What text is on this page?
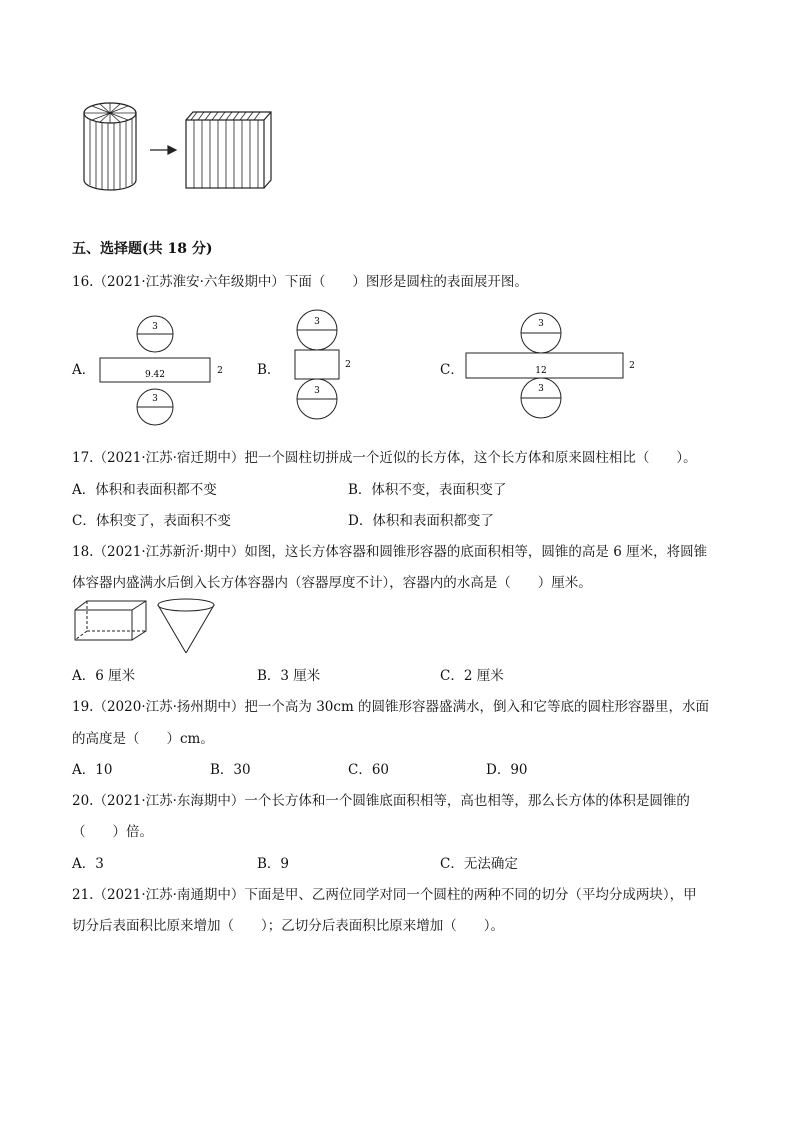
五、选择题(共 18 分)
16.（2021·江苏淮安·六年级期中）下面（　　）图形是圆柱的表面展开图。
A．
3
9.42	2
3
B．
3
2
3
C．
3
12	2
3
17.（2021·江苏·宿迁期中）把一个圆柱切拼成一个近似的长方体，这个长方体和原来圆柱相比（　　）。
A．体积和表面积都不变	B．体积不变，表面积变了
C．体积变了，表面积不变	D．体积和表面积都变了
18.（2021·江苏新沂·期中）如图，这长方体容器和圆锥形容器的底面积相等，圆锥的高是 6 厘米，将圆锥
体容器内盛满水后倒入长方体容器内（容器厚度不计），容器内的水高是（　　）厘米。
A．6 厘米	B．3 厘米	C．2 厘米
19.（2020·江苏·扬州期中）把一个高为 30cm 的圆锥形容器盛满水，倒入和它等底的圆柱形容器里，水面
的高度是（　　）cm。
A．10	B．30	C．60	D．90
20.（2021·江苏·东海期中）一个长方体和一个圆锥底面积相等，高也相等，那么长方体的体积是圆锥的
（　　）倍。
A．3	B．9	C．无法确定
21.（2021·江苏·南通期中）下面是甲、乙两位同学对同一个圆柱的两种不同的切分（平均分成两块），甲
切分后表面积比原来增加（　　）；乙切分后表面积比原来增加（　　）。
